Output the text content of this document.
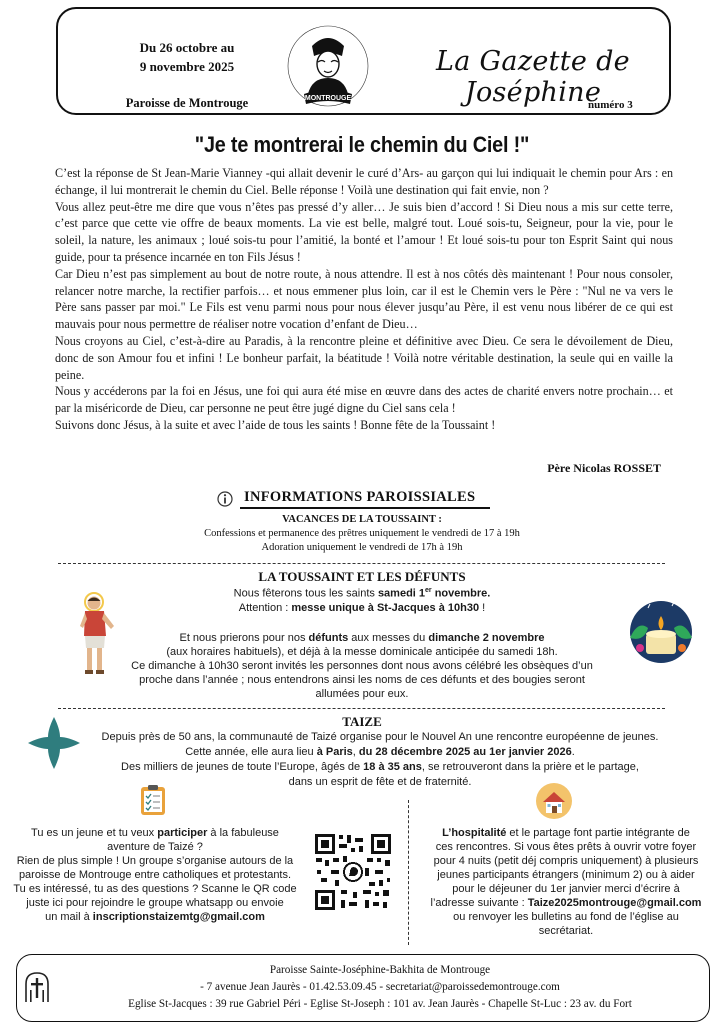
Du 26 octobre au
9 novembre 2025
Paroisse de Montrouge	MONTROUGE
La Gazette de Joséphine
numéro 3
"Je te montrerai le chemin du Ciel !"

C’est la réponse de St Jean-Marie Vianney -qui allait devenir le curé d’Ars- au garçon qui lui indiquait le chemin pour Ars : en échange, il lui montrerait le chemin du Ciel. Belle réponse ! Voilà une destination qui fait envie, non ?

Vous allez peut-être me dire que vous n’êtes pas pressé d’y aller… Je suis bien d’accord ! Si Dieu nous a mis sur cette terre, c’est parce que cette vie offre de beaux moments. La vie est belle, malgré tout. Loué sois-tu, Seigneur, pour la vie, pour le soleil, la nature, les animaux ; loué sois-tu pour l’amitié, la bonté et l’amour ! Et loué sois-tu pour ton Esprit Saint qui nous guide, pour ta présence incarnée en ton Fils Jésus !

Car Dieu n’est pas simplement au bout de notre route, à nous attendre. Il est à nos côtés dès maintenant ! Pour nous consoler, relancer notre marche, la rectifier parfois… et nous emmener plus loin, car il est le Chemin vers le Père : "Nul ne va vers le Père sans passer par moi." Le Fils est venu parmi nous pour nous élever jusqu’au Père, il est venu nous libérer de ce qui est mauvais pour nous permettre de réaliser notre vocation d’enfant de Dieu…

Nous croyons au Ciel, c’est-à-dire au Paradis, à la rencontre pleine et définitive avec Dieu. Ce sera le dévoilement de Dieu, donc de son Amour fou et infini ! Le bonheur parfait, la béatitude ! Voilà notre véritable destination, la seule qui en vaille la peine.

Nous y accéderons par la foi en Jésus, une foi qui aura été mise en œuvre dans des actes de charité envers notre prochain… et par la miséricorde de Dieu, car personne ne peut être jugé digne du Ciel sans cela !

Suivons donc Jésus, à la suite et avec l’aide de tous les saints ! Bonne fête de la Toussaint !

Père Nicolas ROSSET
INFORMATIONS PAROISSIALES
VACANCES DE LA TOUSSAINT :
Confessions et permanence des prêtres uniquement le vendredi de 17 à 19h
Adoration uniquement le vendredi de 17h à 19h
LA TOUSSAINT ET LES DÉFUNTS
Nous fêterons tous les saints samedi 1er novembre.
Attention : messe unique à St-Jacques à 10h30 !
Et nous prierons pour nos défunts aux messes du dimanche 2 novembre
(aux horaires habituels), et déjà à la messe dominicale anticipée du samedi 18h.
Ce dimanche à 10h30 seront invités les personnes dont nous avons célébré les obsèques d’un
proche dans l’année ; nous entendrons ainsi les noms de ces défunts et des bougies seront
allumées pour eux.
TAIZE
Depuis près de 50 ans, la communauté de Taizé organise pour le Nouvel An une rencontre européenne de jeunes.
Cette année, elle aura lieu à Paris, du 28 décembre 2025 au 1er janvier 2026.
Des milliers de jeunes de toute l’Europe, âgés de 18 à 35 ans, se retrouveront dans la prière et le partage,
dans un esprit de fête et de fraternité.
Tu es un jeune et tu veux participer à la fabuleuse
aventure de Taizé ?
Rien de plus simple ! Un groupe s’organise autours de la
paroisse de Montrouge entre catholiques et protestants.
Tu es intéressé, tu as des questions ? Scanne le QR code
juste ici pour rejoindre le groupe whatsapp ou envoie
un mail à inscriptionstaizemtg@gmail.com
L’hospitalité et le partage font partie intégrante de
ces rencontres. Si vous êtes prêts à ouvrir votre foyer
pour 4 nuits (petit déj compris uniquement) à plusieurs
jeunes participants étrangers (minimum 2) ou à aider
pour le déjeuner du 1er janvier merci d’écrire à
l’adresse suivante : Taize2025montrouge@gmail.com
ou renvoyer les bulletins au fond de l’église au
secrétariat.
Paroisse Sainte-Joséphine-Bakhita de Montrouge
- 7 avenue Jean Jaurès - 01.42.53.09.45 - secretariat@paroissedemontrouge.com
Eglise St-Jacques : 39 rue Gabriel Péri - Eglise St-Joseph : 101 av. Jean Jaurès - Chapelle St-Luc : 23 av. du Fort
